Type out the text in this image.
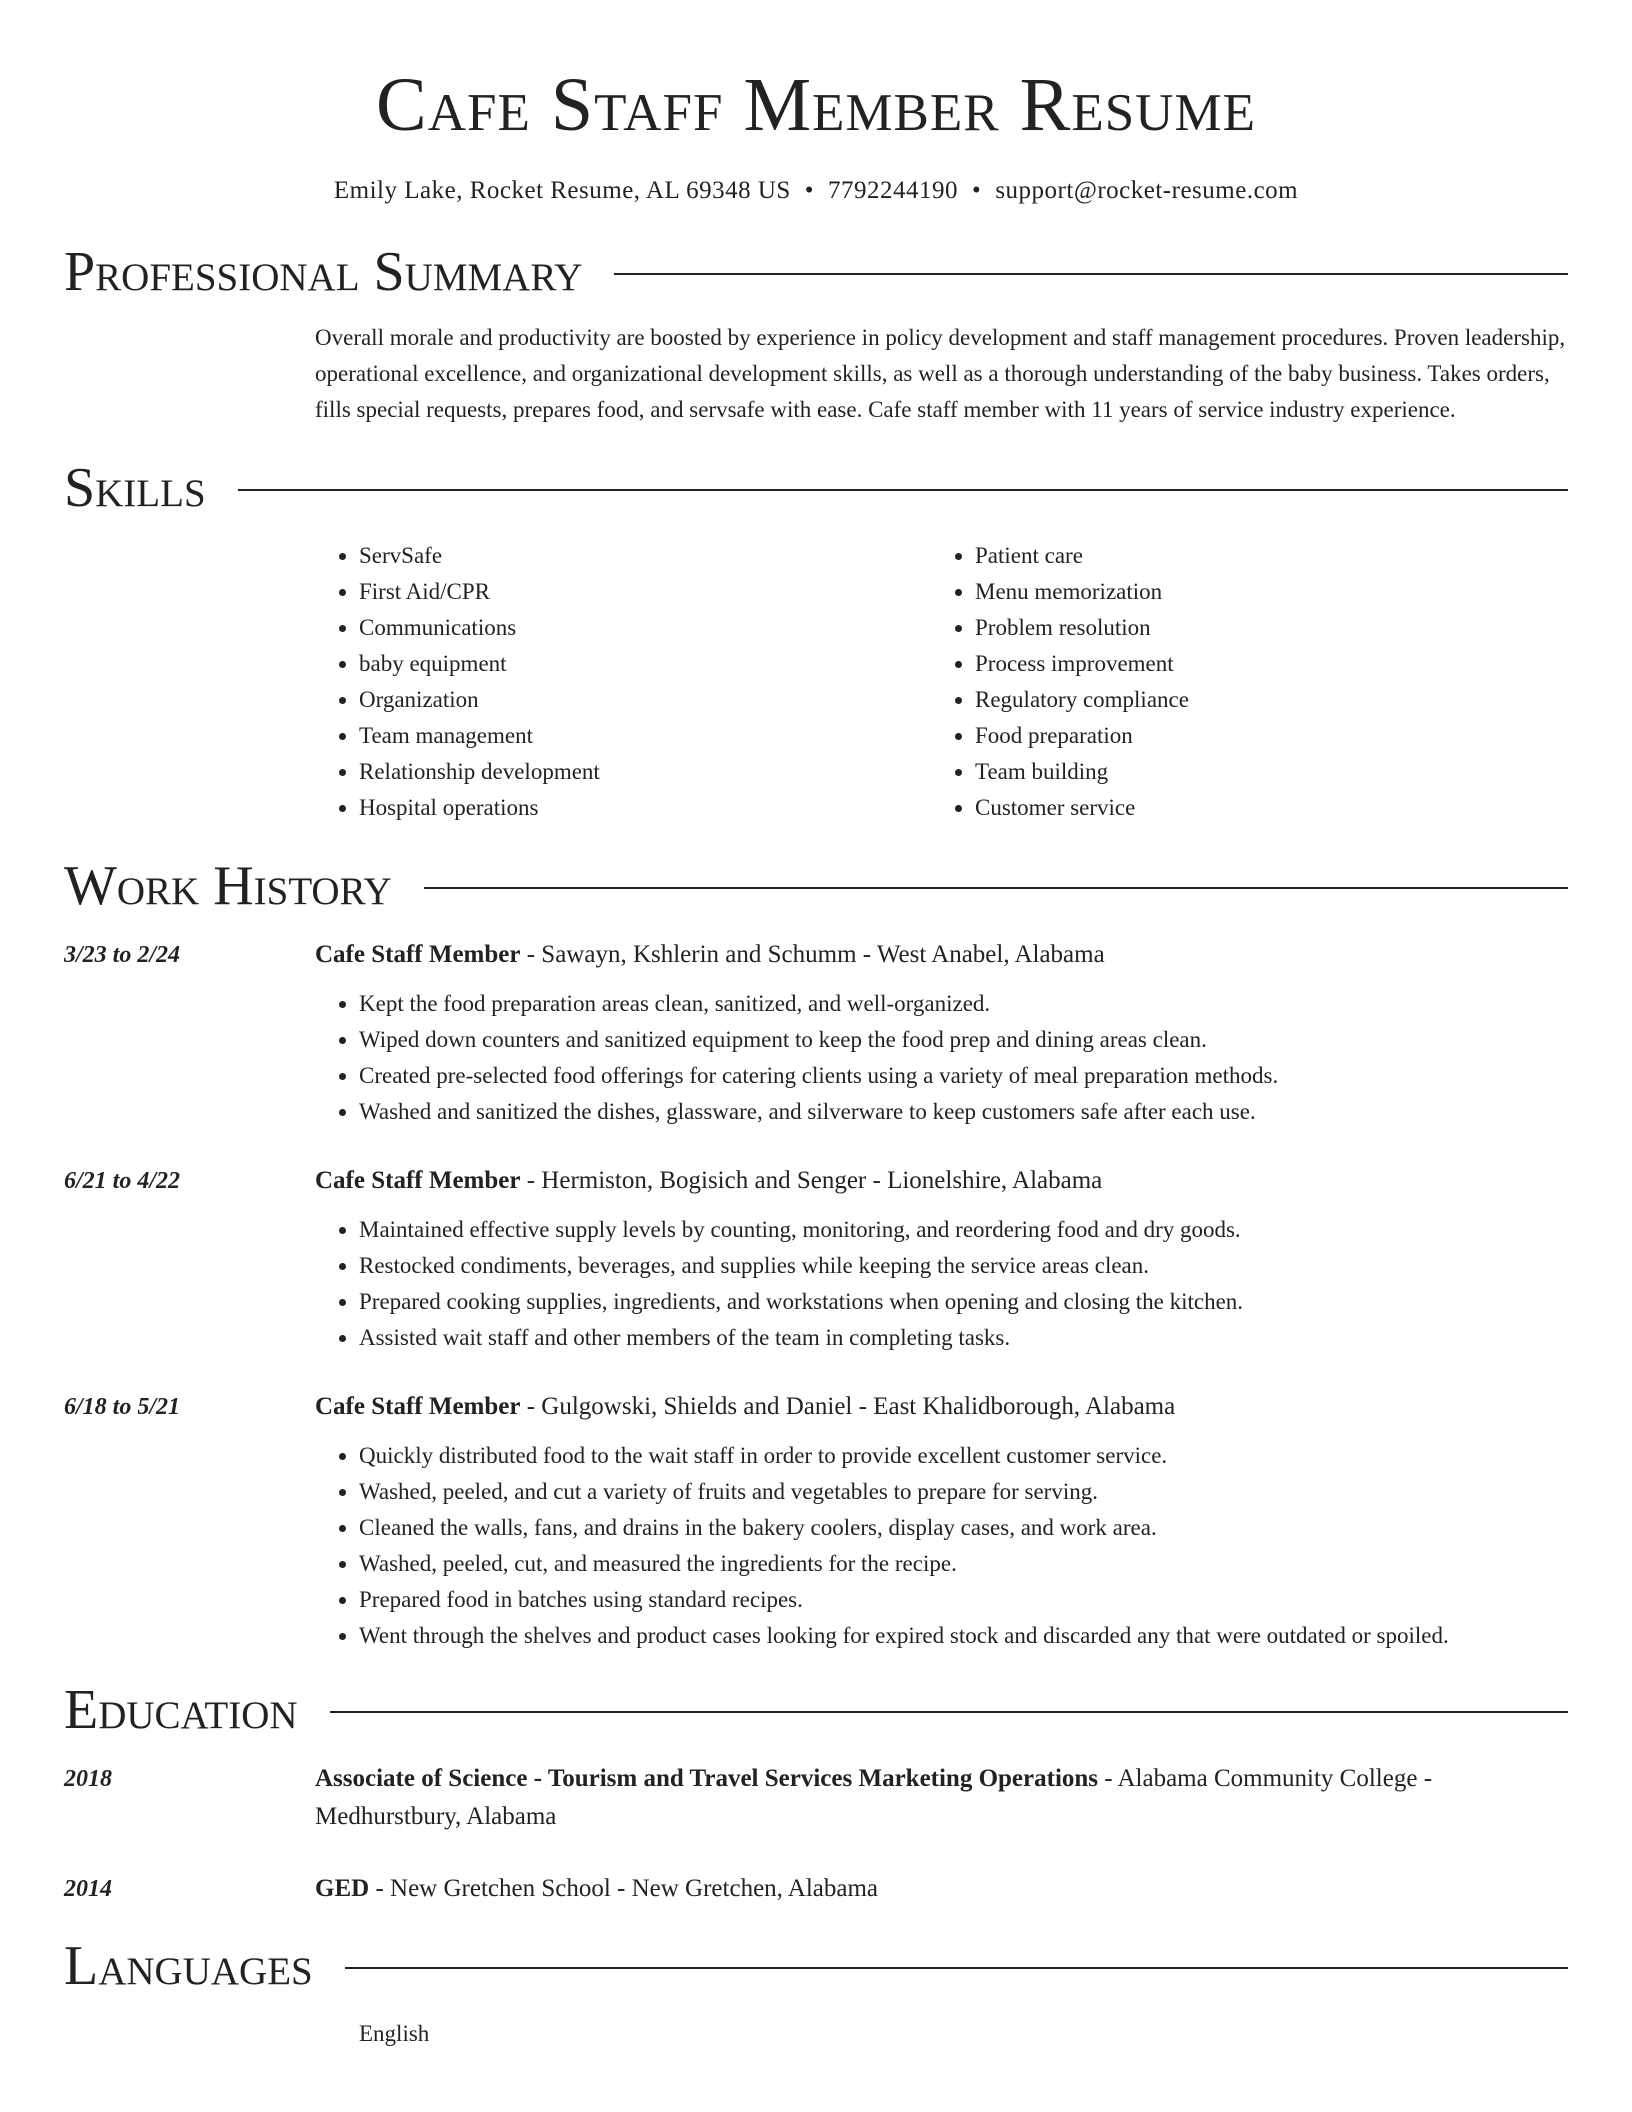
Cafe Staff Member Resume
Emily Lake, Rocket Resume, AL 69348 US • 7792244190 • support@rocket-resume.com
Professional Summary
Overall morale and productivity are boosted by experience in policy development and staff management procedures. Proven leadership, operational excellence, and organizational development skills, as well as a thorough understanding of the baby business. Takes orders, fills special requests, prepares food, and servsafe with ease. Cafe staff member with 11 years of service industry experience.
Skills
• ServSafe
• First Aid/CPR
• Communications
• baby equipment
• Organization
• Team management
• Relationship development
• Hospital operations
• Patient care
• Menu memorization
• Problem resolution
• Process improvement
• Regulatory compliance
• Food preparation
• Team building
• Customer service
Work History
3/23 to 2/24	Cafe Staff Member - Sawayn, Kshlerin and Schumm - West Anabel, Alabama
• Kept the food preparation areas clean, sanitized, and well-organized.
• Wiped down counters and sanitized equipment to keep the food prep and dining areas clean.
• Created pre-selected food offerings for catering clients using a variety of meal preparation methods.
• Washed and sanitized the dishes, glassware, and silverware to keep customers safe after each use.
6/21 to 4/22	Cafe Staff Member - Hermiston, Bogisich and Senger - Lionelshire, Alabama
• Maintained effective supply levels by counting, monitoring, and reordering food and dry goods.
• Restocked condiments, beverages, and supplies while keeping the service areas clean.
• Prepared cooking supplies, ingredients, and workstations when opening and closing the kitchen.
• Assisted wait staff and other members of the team in completing tasks.
6/18 to 5/21	Cafe Staff Member - Gulgowski, Shields and Daniel - East Khalidborough, Alabama
• Quickly distributed food to the wait staff in order to provide excellent customer service.
• Washed, peeled, and cut a variety of fruits and vegetables to prepare for serving.
• Cleaned the walls, fans, and drains in the bakery coolers, display cases, and work area.
• Washed, peeled, cut, and measured the ingredients for the recipe.
• Prepared food in batches using standard recipes.
• Went through the shelves and product cases looking for expired stock and discarded any that were outdated or spoiled.
Education
2018	Associate of Science - Tourism and Travel Services Marketing Operations - Alabama Community College - Medhurstbury, Alabama
2014	GED - New Gretchen School - New Gretchen, Alabama
Languages
English
